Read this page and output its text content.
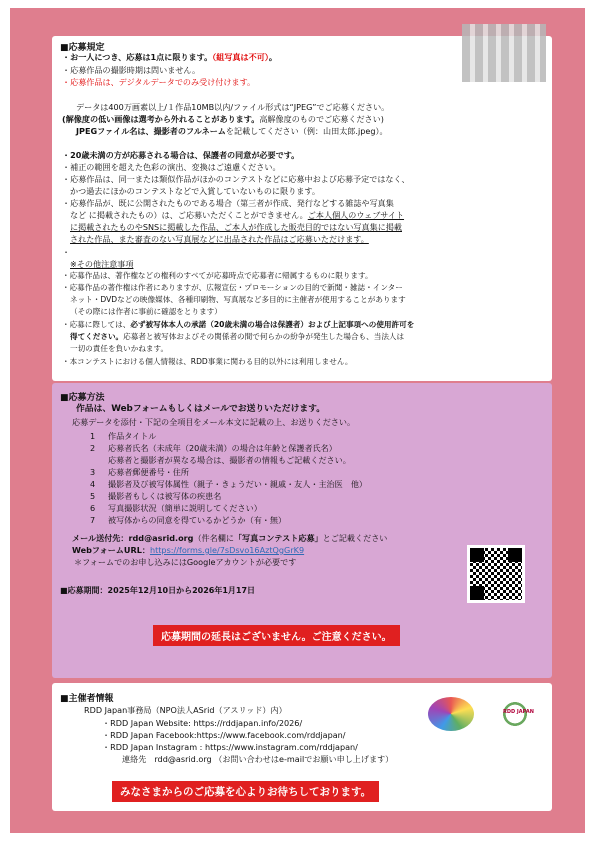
■応募規定
・お一人につき、応募は1点に限ります。（組写真は不可）。
・応募作品の撮影時期は問いません。
・応募作品は、デジタルデータでのみ受け付けます。
データは400万画素以上/１作品10MB以内/ファイル形式は“JPEG”でご応募ください。
(解像度の低い画像は選考から外れることがあります。高解像度のものでご応募ください)
JPEGファイル名は、撮影者のフルネームを記載してください（例：山田太郎.jpeg）。
・20歳未満の方が応募される場合は、保護者の同意が必要です。
・補正の範囲を超えた色彩の演出、変換はご遠慮ください。
・応募作品は、同一または類似作品がほかのコンテストなどに応募中および応募予定ではなく、
かつ過去にほかのコンテストなどで入賞していないものに限ります。
・応募作品が、既に公開されたものである場合（第三者が作成、発行などする雑誌や写真集
など に掲載されたもの）は、ご応募いただくことができません。ご本人個人のウェブサイト
に掲載されたものやSNSに掲載した作品、ご本人が作成した販売目的ではない写真集に掲載
された作品、また審査のない写真展などに出品された作品はご応募いただけます。
・
※その他注意事項
・応募作品は、著作権などの権利のすべてが応募時点で応募者に帰属するものに限ります。
・応募作品の著作権は作者にありますが、広報宣伝・プロモーションの目的で新聞・雑誌・インター
ネット・DVDなどの映像媒体、各種印刷物、写真展など多目的に主催者が使用することがあります
（その際には作者に事前に確認をとります）
・応募に際しては、必ず被写体本人の承諾（20歳未満の場合は保護者）および上記事項への使用許可を
得てください。応募者と被写体およびその関係者の間で何らかの紛争が発生した場合も、当法人は
一切の責任を負いかねます。
・本コンテストにおける個人情報は、RDD事業に関わる目的以外には利用しません。
■応募方法
作品は、Webフォームもしくはメールでお送りいただけます。
応募データを添付・下記の全項目をメール本文に記載の上、お送りください。
1 作品タイトル
2 応募者氏名（未成年（20歳未満）の場合は年齢と保護者氏名）
応募者と撮影者が異なる場合は、撮影者の情報もご記載ください。
3 応募者郵便番号・住所
4 撮影者及び被写体属性（親子・きょうだい・親戚・友人・主治医　他）
5 撮影者もしくは被写体の疾患名
6 写真撮影状況（簡単に説明してください）
7 被写体からの同意を得ているかどうか（有・無）
メール送付先：rdd@asrid.org（件名欄に「写真コンテスト応募」とご記載ください
WebフォームURL：https://forms.gle/7sDsvo16AztQgGrK9
＊フォームでのお申し込みにはGoogleアカウントが必要です
■応募期間：2025年12月10日から2026年1月17日
応募期間の延長はございません。ご注意ください。
■主催者情報
RDD Japan事務局（NPO法人ASrid（アスリッド）内）
・RDD Japan Website: https://rddjapan.info/2026/
・RDD Japan Facebook:https://www.facebook.com/rddjapan/
・RDD Japan Instagram : https://www.instagram.com/rddjapan/
連絡先　rdd@asrid.org （お問い合わせはe-mailでお願い申し上げます）
みなさまからのご応募を心よりお待ちしております。
RDD JAPAN
